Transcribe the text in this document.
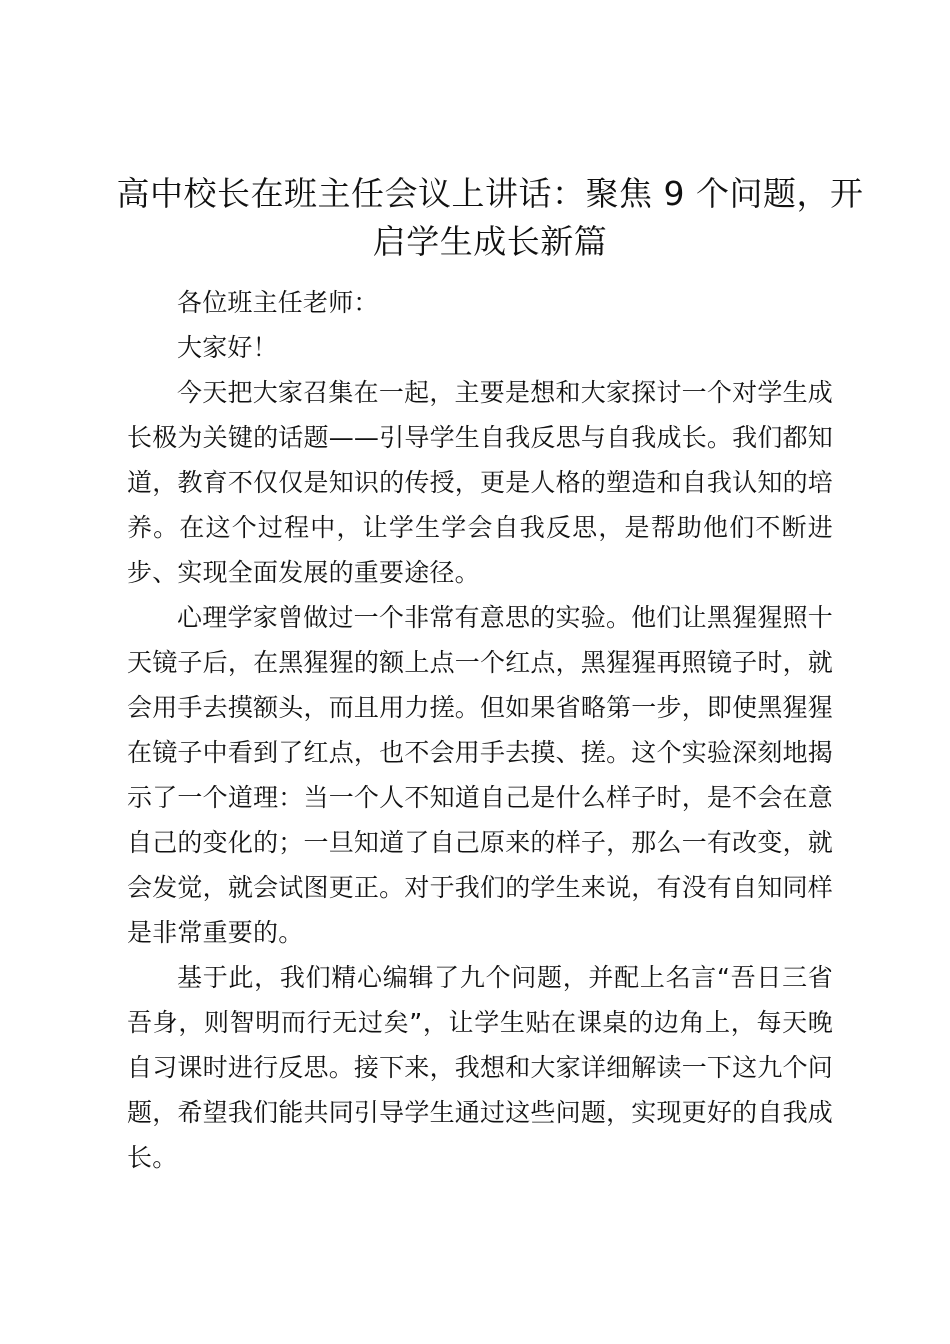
高中校长在班主任会议上讲话：聚焦 9 个问题，开启学生成长新篇

各位班主任老师：

大家好！

今天把大家召集在一起，主要是想和大家探讨一个对学生成长极为关键的话题——引导学生自我反思与自我成长。我们都知道，教育不仅仅是知识的传授，更是人格的塑造和自我认知的培养。在这个过程中，让学生学会自我反思，是帮助他们不断进步、实现全面发展的重要途径。

心理学家曾做过一个非常有意思的实验。他们让黑猩猩照十天镜子后，在黑猩猩的额上点一个红点，黑猩猩再照镜子时，就会用手去摸额头，而且用力搓。但如果省略第一步，即使黑猩猩在镜子中看到了红点，也不会用手去摸、搓。这个实验深刻地揭示了一个道理：当一个人不知道自己是什么样子时，是不会在意自己的变化的；一旦知道了自己原来的样子，那么一有改变，就会发觉，就会试图更正。对于我们的学生来说，有没有自知同样是非常重要的。

基于此，我们精心编辑了九个问题，并配上名言“吾日三省吾身，则智明而行无过矣”，让学生贴在课桌的边角上，每天晚自习课时进行反思。接下来，我想和大家详细解读一下这九个问题，希望我们能共同引导学生通过这些问题，实现更好的自我成长。
